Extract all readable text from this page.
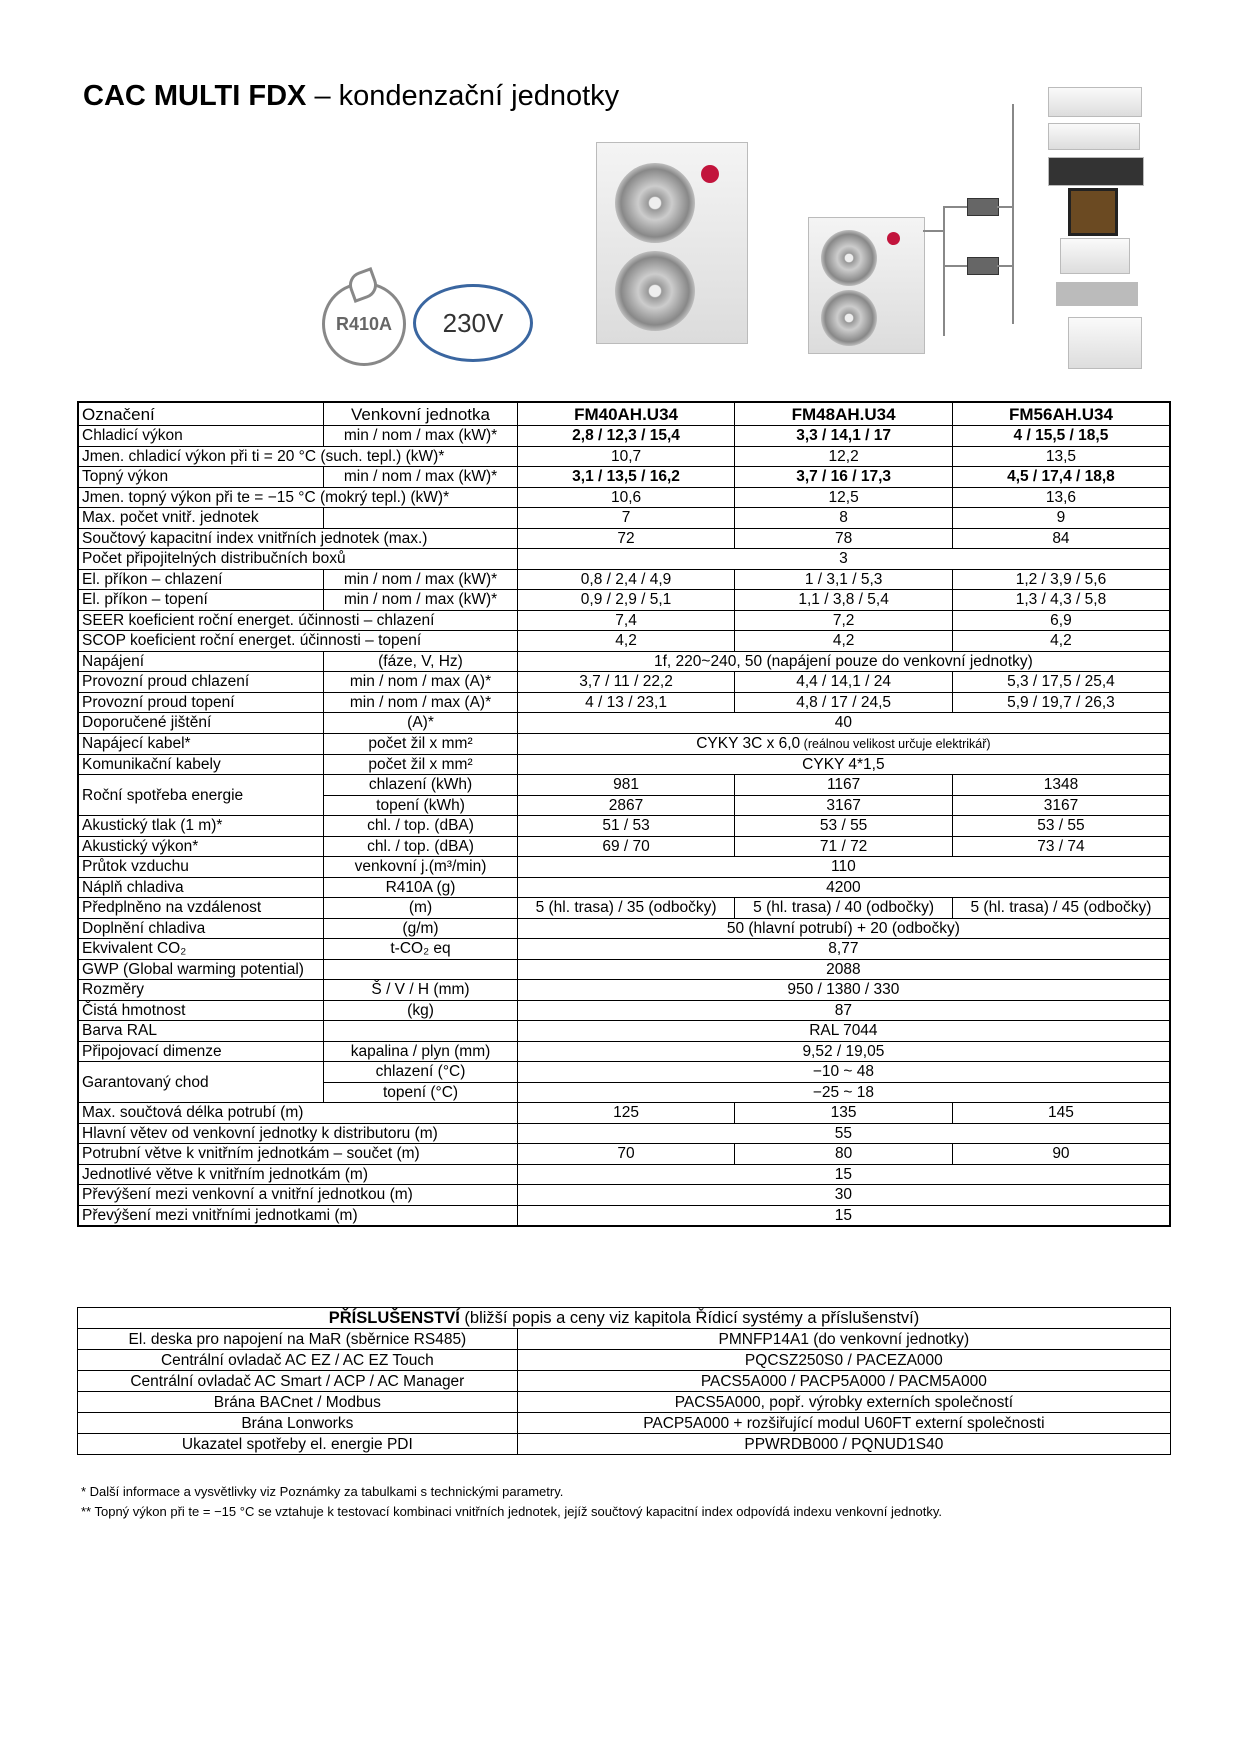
CAC MULTI FDX – kondenzační jednotky
R410A 230V
Označení	Venkovní jednotka	FM40AH.U34	FM48AH.U34	FM56AH.U34
Chladicí výkon	min / nom / max (kW)*	2,8 / 12,3 / 15,4	3,3 / 14,1 / 17	4 / 15,5 / 18,5
Jmen. chladicí výkon při ti = 20 °C (such. tepl.) (kW)*		10,7	12,2	13,5
Topný výkon	min / nom / max (kW)*	3,1 / 13,5 / 16,2	3,7 / 16 / 17,3	4,5 / 17,4 / 18,8
Jmen. topný výkon při te = −15 °C (mokrý tepl.) (kW)*		10,6	12,5	13,6
Max. počet vnitř. jednotek		7	8	9
Součtový kapacitní index vnitřních jednotek (max.)		72	78	84
Počet připojitelných distribučních boxů		3		
El. příkon – chlazení	min / nom / max (kW)*	0,8 / 2,4 / 4,9	1 / 3,1 / 5,3	1,2 / 3,9 / 5,6
El. příkon – topení	min / nom / max (kW)*	0,9 / 2,9 / 5,1	1,1 / 3,8 / 5,4	1,3 / 4,3 / 5,8
SEER koeficient roční energet. účinnosti – chlazení		7,4	7,2	6,9
SCOP koeficient roční energet. účinnosti – topení		4,2	4,2	4,2
Napájení	(fáze, V, Hz)	1f, 220~240, 50 (napájení pouze do venkovní jednotky)		
Provozní proud chlazení	min / nom / max (A)*	3,7 / 11 / 22,2	4,4 / 14,1 / 24	5,3 / 17,5 / 25,4
Provozní proud topení	min / nom / max (A)*	4 / 13 / 23,1	4,8 / 17 / 24,5	5,9 / 19,7 / 26,3
Doporučené jištění	(A)*	40		
Napájecí kabel*	počet žil x mm²	CYKY 3C x 6,0 (reálnou velikost určuje elektrikář)		
Komunikační kabely	počet žil x mm²	CYKY 4*1,5		
Roční spotřeba energie	chlazení (kWh)	981	1167	1348
	topení (kWh)	2867	3167	3167
Akustický tlak (1 m)*	chl. / top. (dBA)	51 / 53	53 / 55	53 / 55
Akustický výkon*	chl. / top. (dBA)	69 / 70	71 / 72	73 / 74
Průtok vzduchu	venkovní j.(m³/min)	110		
Náplň chladiva	R410A (g)	4200		
Předplněno na vzdálenost	(m)	5 (hl. trasa) / 35 (odbočky)	5 (hl. trasa) / 40 (odbočky)	5 (hl. trasa) / 45 (odbočky)
Doplnění chladiva	(g/m)	50 (hlavní potrubí) + 20 (odbočky)		
Ekvivalent CO₂	t-CO₂ eq	8,77		
GWP (Global warming potential)		2088		
Rozměry	Š / V / H (mm)	950 / 1380 / 330		
Čistá hmotnost	(kg)	87		
Barva RAL		RAL 7044		
Připojovací dimenze	kapalina / plyn (mm)	9,52 / 19,05		
Garantovaný chod	chlazení (°C)	−10 ~ 48		
	topení (°C)	−25 ~ 18		
Max. součtová délka potrubí (m)		125	135	145
Hlavní větev od venkovní jednotky k distributoru (m)		55		
Potrubní větve k vnitřním jednotkám – součet (m)		70	80	90
Jednotlivé větve k vnitřním jednotkám (m)		15		
Převýšení mezi venkovní a vnitřní jednotkou (m)		30		
Převýšení mezi vnitřními jednotkami (m)		15		
PŘÍSLUŠENSTVÍ (bližší popis a ceny viz kapitola Řídicí systémy a příslušenství)	
El. deska pro napojení na MaR (sběrnice RS485)	PMNFP14A1 (do venkovní jednotky)
Centrální ovladač AC EZ / AC EZ Touch	PQCSZ250S0 / PACEZA000
Centrální ovladač AC Smart / ACP / AC Manager	PACS5A000 / PACP5A000 / PACM5A000
Brána BACnet / Modbus	PACS5A000, popř. výrobky externích společností
Brána Lonworks	PACP5A000 + rozšiřující modul U60FT externí společnosti
Ukazatel spotřeby el. energie PDI	PPWRDB000 / PQNUD1S40
* Další informace a vysvětlivky viz Poznámky za tabulkami s technickými parametry.
** Topný výkon při te = −15 °C se vztahuje k testovací kombinaci vnitřních jednotek, jejíž součtový kapacitní index odpovídá indexu venkovní jednotky.
